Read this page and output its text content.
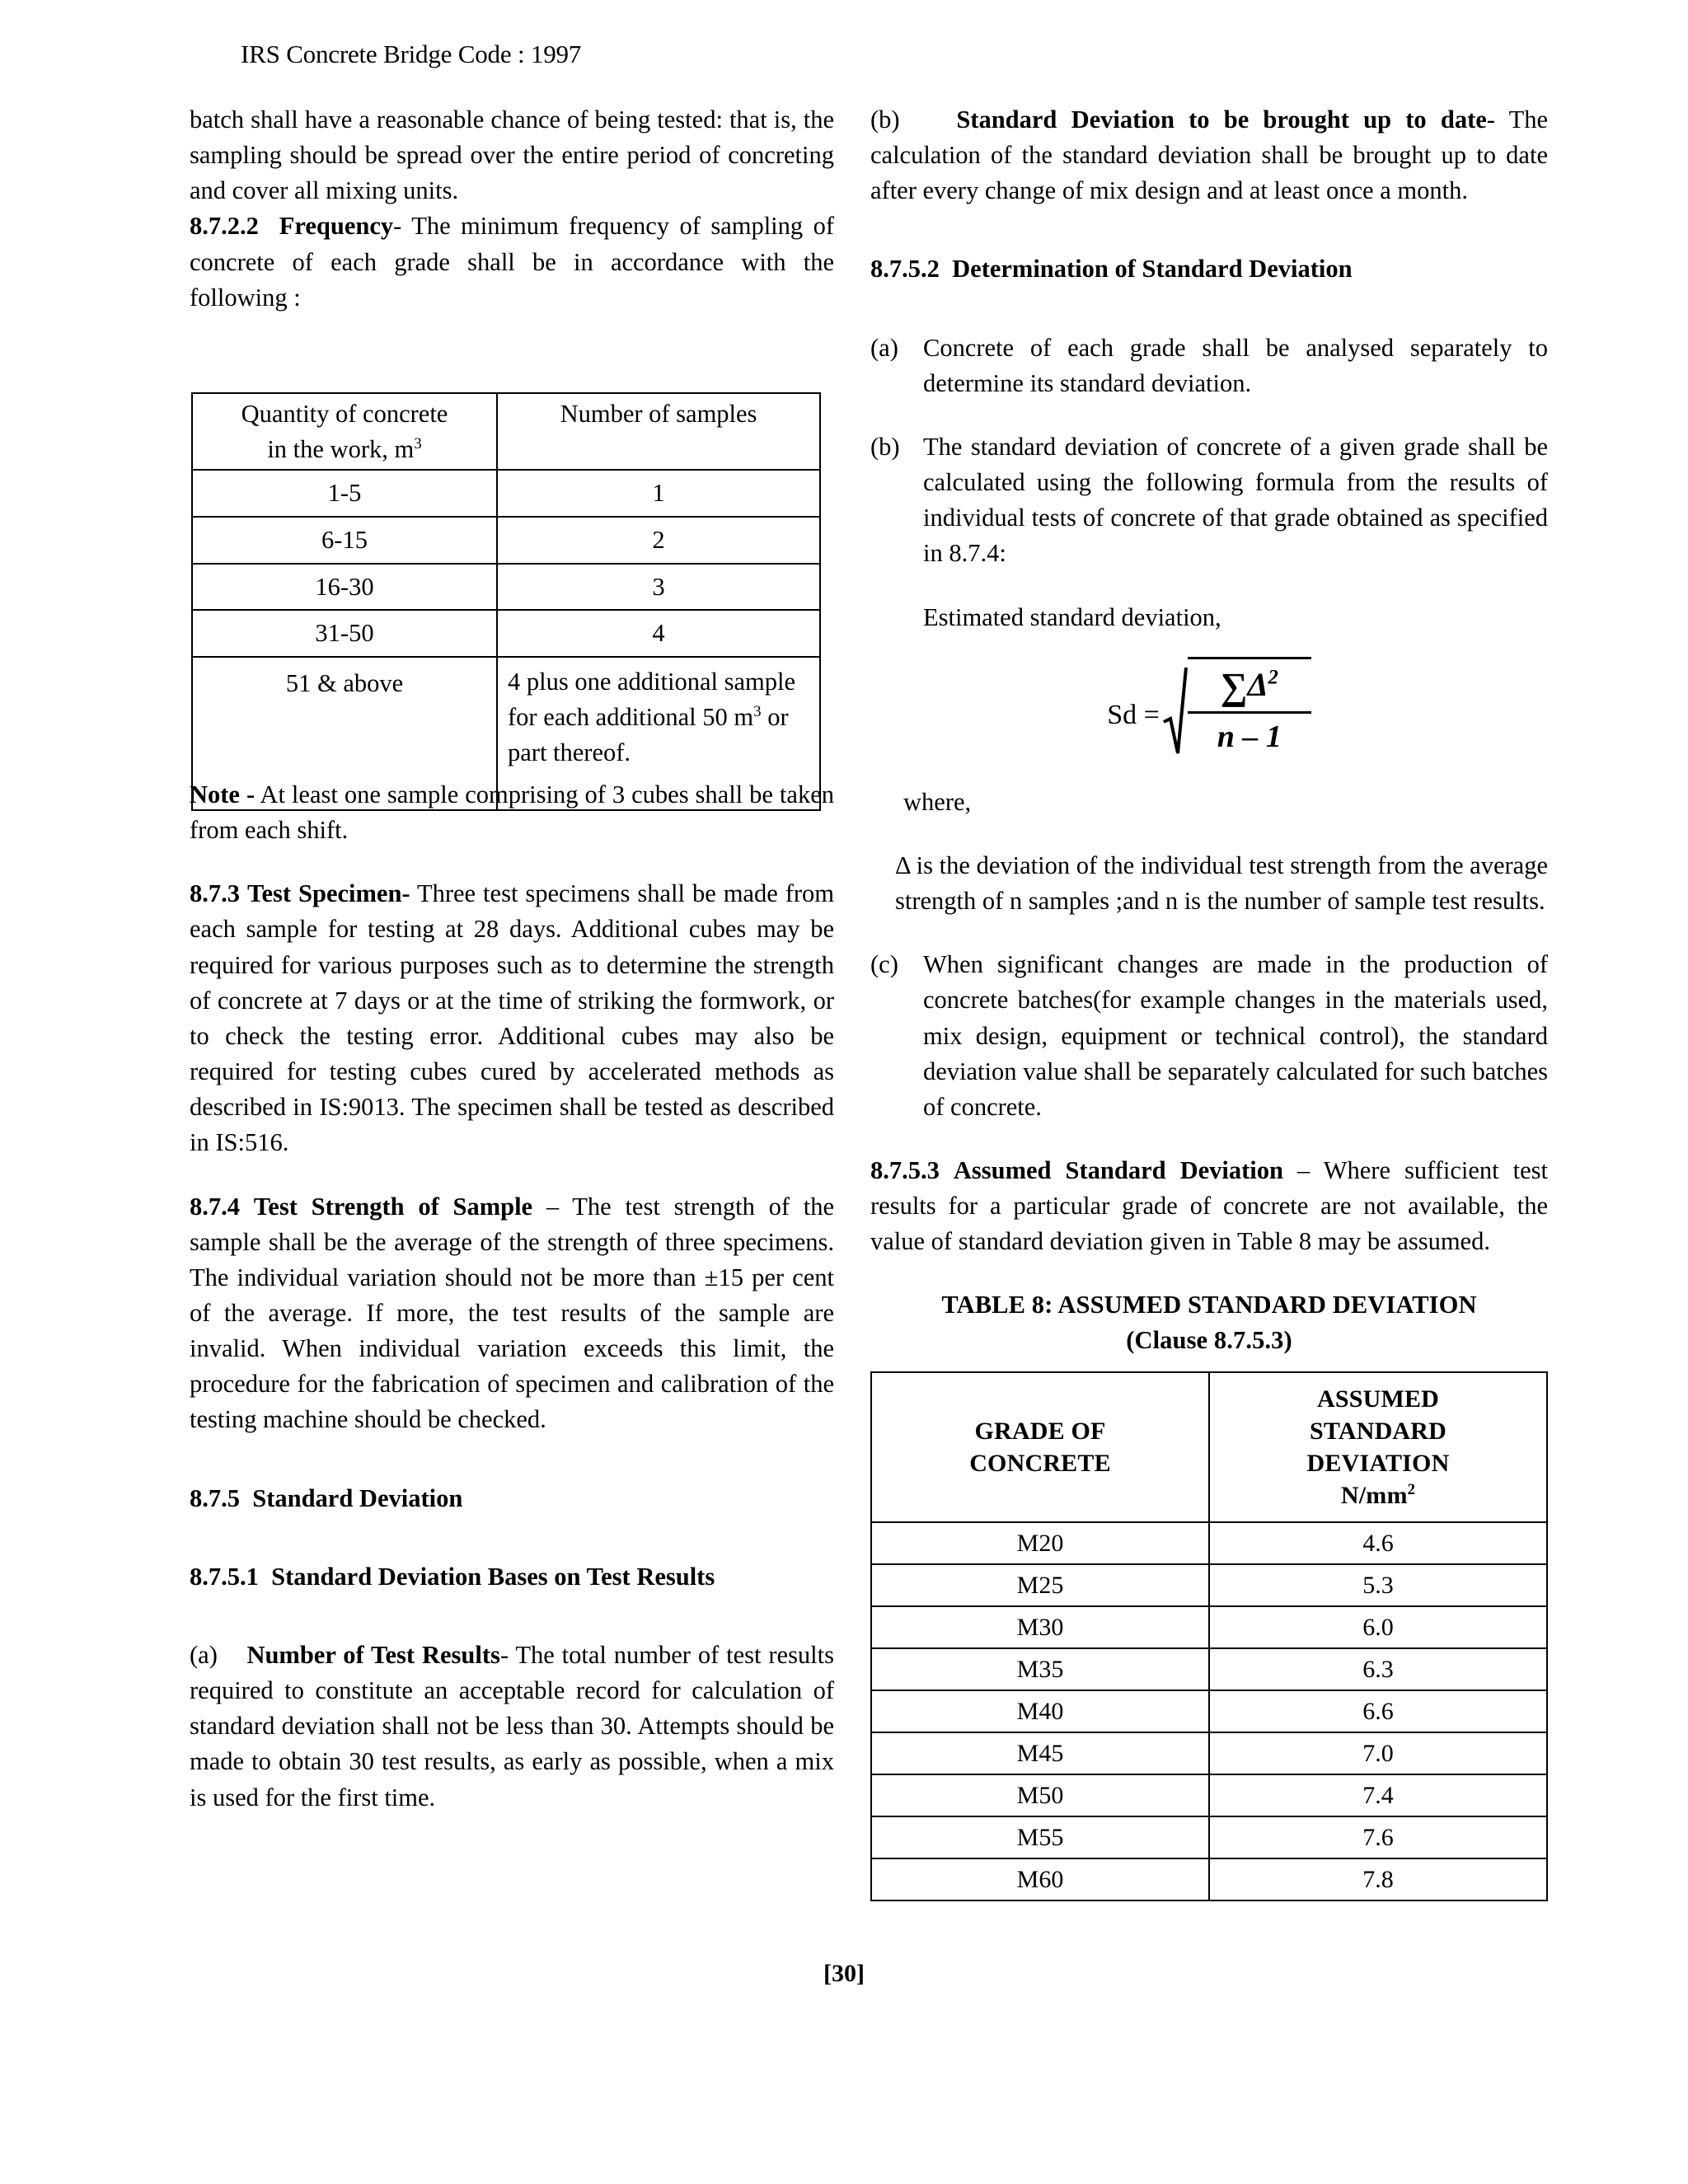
IRS Concrete Bridge Code : 1997

batch shall have a reasonable chance of being tested: that is, the sampling should be spread over the entire period of concreting and cover all mixing units.

8.7.2.2 Frequency- The minimum frequency of sampling of concrete of each grade shall be in accordance with the following :

Note - At least one sample comprising of 3 cubes shall be taken from each shift.

8.7.3 Test Specimen- Three test specimens shall be made from each sample for testing at 28 days. Additional cubes may be required for various purposes such as to determine the strength of concrete at 7 days or at the time of striking the formwork, or to check the testing error. Additional cubes may also be required for testing cubes cured by accelerated methods as described in IS:9013. The specimen shall be tested as described in IS:516.

8.7.4 Test Strength of Sample – The test strength of the sample shall be the average of the strength of three specimens. The individual variation should not be more than ±15 per cent of the average. If more, the test results of the sample are invalid. When individual variation exceeds this limit, the procedure for the fabrication of specimen and calibration of the testing machine should be checked.

8.7.5 Standard Deviation

8.7.5.1 Standard Deviation Bases on Test Results

(a) Number of Test Results- The total number of test results required to constitute an acceptable record for calculation of standard deviation shall not be less than 30. Attempts should be made to obtain 30 test results, as early as possible, when a mix is used for the first time.

(b) Standard Deviation to be brought up to date- The calculation of the standard deviation shall be brought up to date after every change of mix design and at least once a month.

8.7.5.2 Determination of Standard Deviation

(a) Concrete of each grade shall be analysed separately to determine its standard deviation.
(b) The standard deviation of concrete of a given grade shall be calculated using the following formula from the results of individual tests of concrete of that grade obtained as specified in 8.7.4:

Estimated standard deviation,

$Sd = \frac{\sum\Delta^2}{n - 1}$

where,

Δ is the deviation of the individual test strength from the average strength of n samples ;and n is the number of sample test results.

(c) When significant changes are made in the production of concrete batches(for example changes in the materials used, mix design, equipment or technical control), the standard deviation value shall be separately calculated for such batches of concrete.

8.7.5.3 Assumed Standard Deviation – Where sufficient test results for a particular grade of concrete are not available, the value of standard deviation given in Table 8 may be assumed.

TABLE 8: ASSUMED STANDARD DEVIATION
(Clause 8.7.5.3)
GRADE OF
CONCRETE

ASSUMED
STANDARD
DEVIATION
$N/mm^2$

M20	4.6
M25	5.3
M30	6.0
M35	6.3
M40	6.6
M45	7.0
M50	7.4
M55	7.6
M60	7.8
Quantity of concrete
in the work, $m^3$	Number of samples
1-5	1
6-15	2
16-30	3
31-50	4
51 & above	4 plus one additional sample for each additional 50 $m^3$ or part thereof.
[30]
